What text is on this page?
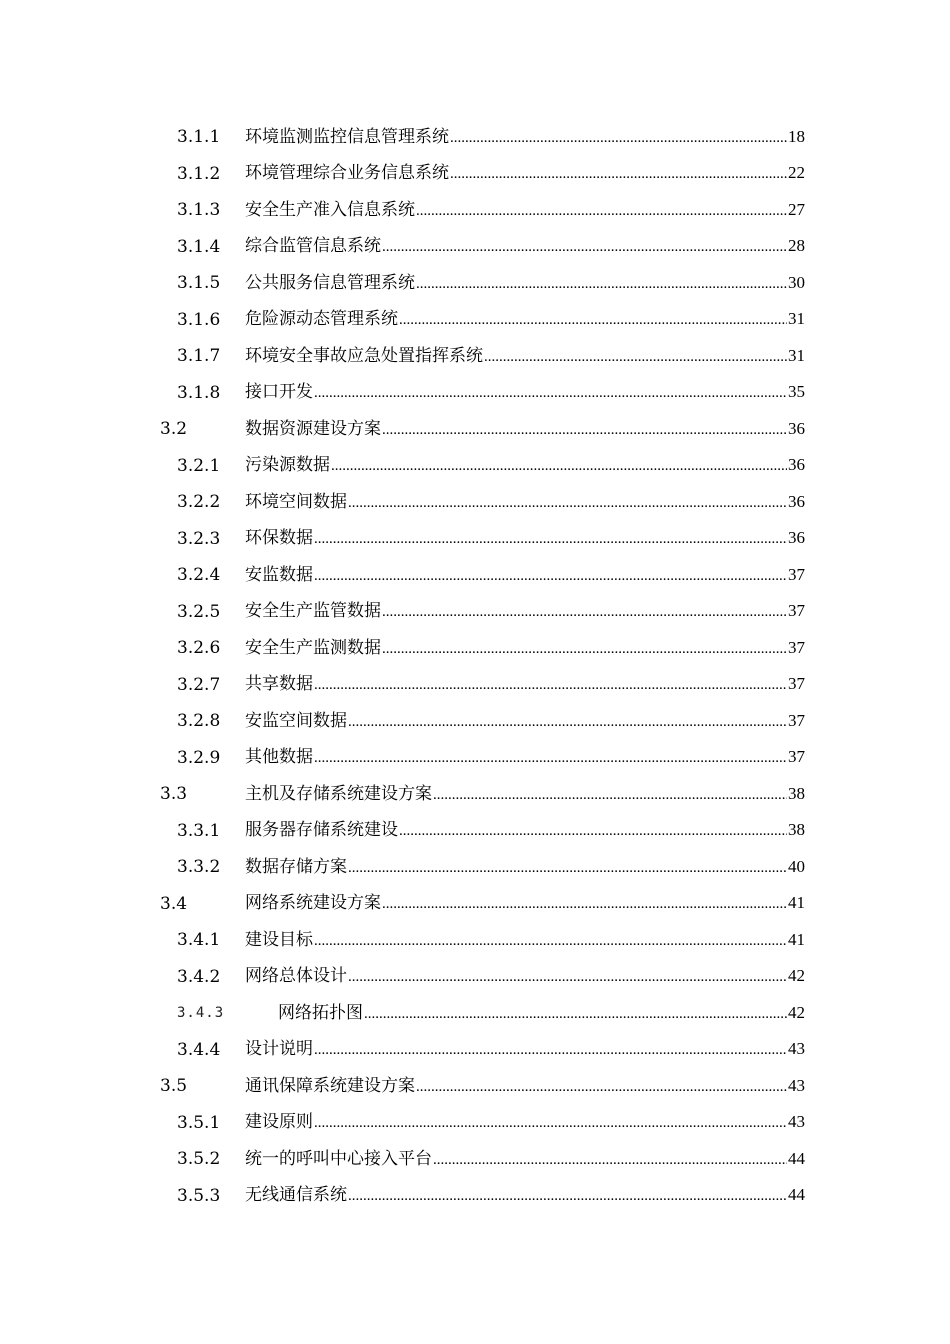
3.1.1 环境监测监控信息管理系统 .....	18
3.1.2 环境管理综合业务信息系统 .....	22
3.1.3 安全生产准入信息系统 .....	27
3.1.4 综合监管信息系统 .....	28
3.1.5 公共服务信息管理系统 .....	30
3.1.6 危险源动态管理系统 .....	31
3.1.7 环境安全事故应急处置指挥系统 .....	31
3.1.8 接口开发 .....	35
3.2	数据资源建设方案 .....	36
3.2.1 污染源数据 .....	36
3.2.2 环境空间数据 .....	36
3.2.3 环保数据 .....	36
3.2.4 安监数据 .....	37
3.2.5 安全生产监管数据 .....	37
3.2.6 安全生产监测数据 .....	37
3.2.7 共享数据 .....	37
3.2.8 安监空间数据 .....	37
3.2.9 其他数据 .....	37
3.3	主机及存储系统建设方案 .....	38
3.3.1 服务器存储系统建设 .....	38
3.3.2 数据存储方案 .....	40
3.4	网络系统建设方案 .....	41
3.4.1 建设目标 .....	41
3.4.2 网络总体设计 .....	42
3.4.3	网络拓扑图 .....	42
3.4.4 设计说明 .....	43
3.5	通讯保障系统建设方案 .....	43
3.5.1 建设原则 .....	43
3.5.2 统一的呼叫中心接入平台 .....	44
3.5.3 无线通信系统 .....	44
